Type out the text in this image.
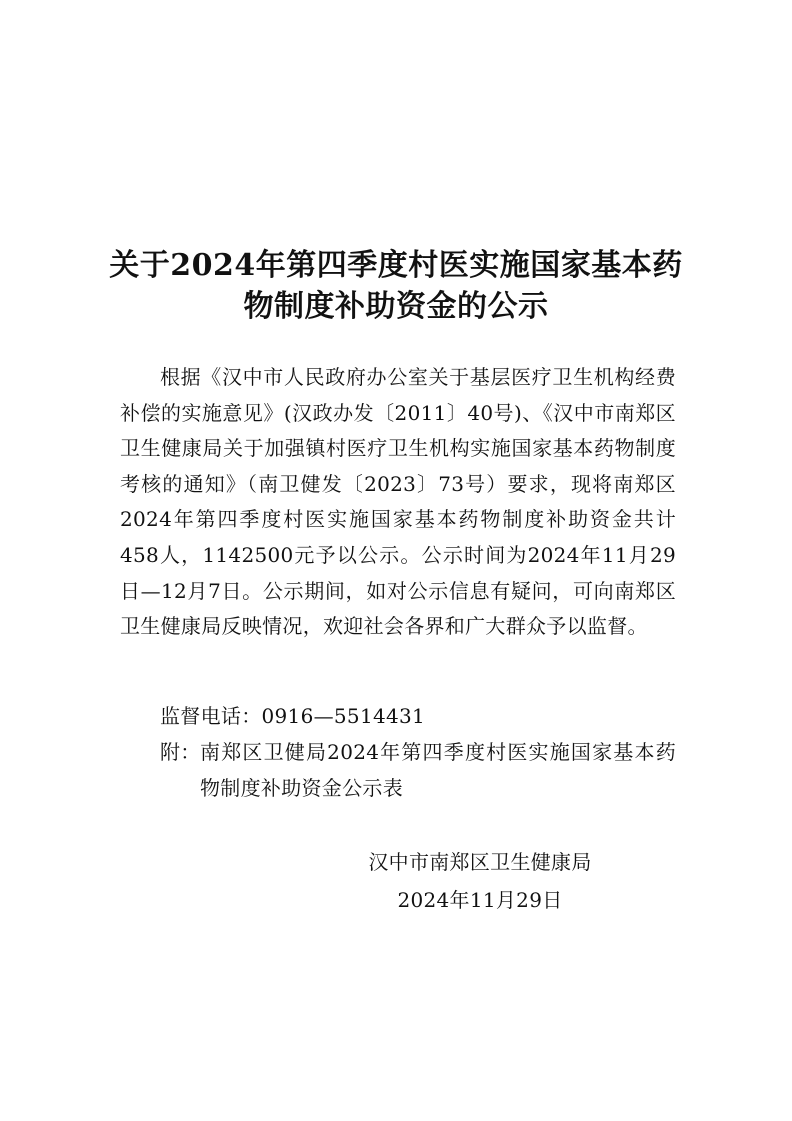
关于2024年第四季度村医实施国家基本药
物制度补助资金的公示
根据《汉中市人民政府办公室关于基层医疗卫生机构经费补偿的实施意见》(汉政办发〔2011〕40号)、《汉中市南郑区卫生健康局关于加强镇村医疗卫生机构实施国家基本药物制度考核的通知》（南卫健发〔2023〕73号）要求，现将南郑区2024年第四季度村医实施国家基本药物制度补助资金共计458人，1142500元予以公示。公示时间为2024年11月29日—12月7日。公示期间，如对公示信息有疑问，可向南郑区卫生健康局反映情况，欢迎社会各界和广大群众予以监督。
监督电话：0916—5514431
附： 南郑区卫健局2024年第四季度村医实施国家基本药物制度补助资金公示表
汉中市南郑区卫生健康局
2024年11月29日
